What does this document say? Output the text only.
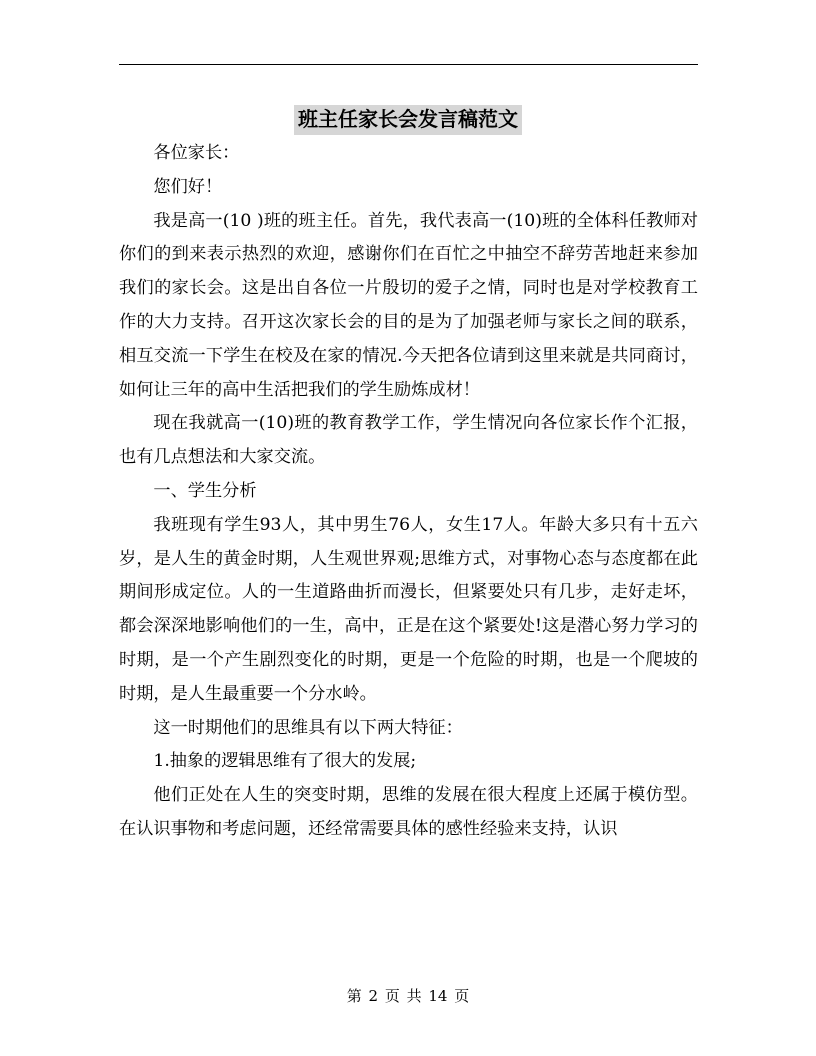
班主任家长会发言稿范文

各位家长：

您们好！

我是高一(10 )班的班主任。首先，我代表高一(10)班的全体科任教师对你们的到来表示热烈的欢迎，感谢你们在百忙之中抽空不辞劳苦地赶来参加我们的家长会。这是出自各位一片殷切的爱子之情，同时也是对学校教育工作的大力支持。召开这次家长会的目的是为了加强老师与家长之间的联系，相互交流一下学生在校及在家的情况.今天把各位请到这里来就是共同商讨，如何让三年的高中生活把我们的学生励炼成材！

现在我就高一(10)班的教育教学工作，学生情况向各位家长作个汇报，也有几点想法和大家交流。

一、学生分析

我班现有学生93人，其中男生76人，女生17人。年龄大多只有十五六岁，是人生的黄金时期，人生观世界观;思维方式，对事物心态与态度都在此期间形成定位。人的一生道路曲折而漫长，但紧要处只有几步，走好走坏，都会深深地影响他们的一生，高中，正是在这个紧要处!这是潜心努力学习的时期，是一个产生剧烈变化的时期，更是一个危险的时期，也是一个爬坡的时期，是人生最重要一个分水岭。

这一时期他们的思维具有以下两大特征：

1.抽象的逻辑思维有了很大的发展;

他们正处在人生的突变时期，思维的发展在很大程度上还属于模仿型。在认识事物和考虑问题，还经常需要具体的感性经验来支持，认识

第 2 页 共 14 页
